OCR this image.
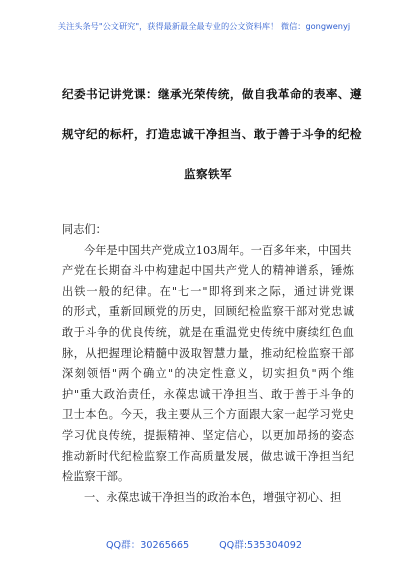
关注头条号"公文研究"，获得最新最全最专业的公文资料库！ 微信：gongwenyj
纪委书记讲党课：继承光荣传统，做自我革命的表率、遵
规守纪的标杆，打造忠诚干净担当、敢于善于斗争的纪检
监察铁军
同志们：
今年是中国共产党成立103周年。一百多年来，中国共
产党在长期奋斗中构建起中国共产党人的精神谱系，锤炼
出铁一般的纪律。在"七一"即将到来之际，通过讲党课
的形式，重新回顾党的历史，回顾纪检监察干部对党忠诚
敢于斗争的优良传统，就是在重温党史传统中赓续红色血
脉，从把握理论精髓中汲取智慧力量，推动纪检监察干部
深刻领悟"两个确立"的决定性意义，切实担负"两个维
护"重大政治责任，永葆忠诚干净担当、敢于善于斗争的
卫士本色。今天，我主要从三个方面跟大家一起学习党史
学习优良传统，提振精神、坚定信心，以更加昂扬的姿态
推动新时代纪检监察工作高质量发展，做忠诚干净担当纪
检监察干部。
一、永葆忠诚干净担当的政治本色，增强守初心、担
QQ群：30265665	QQ群:535304092
